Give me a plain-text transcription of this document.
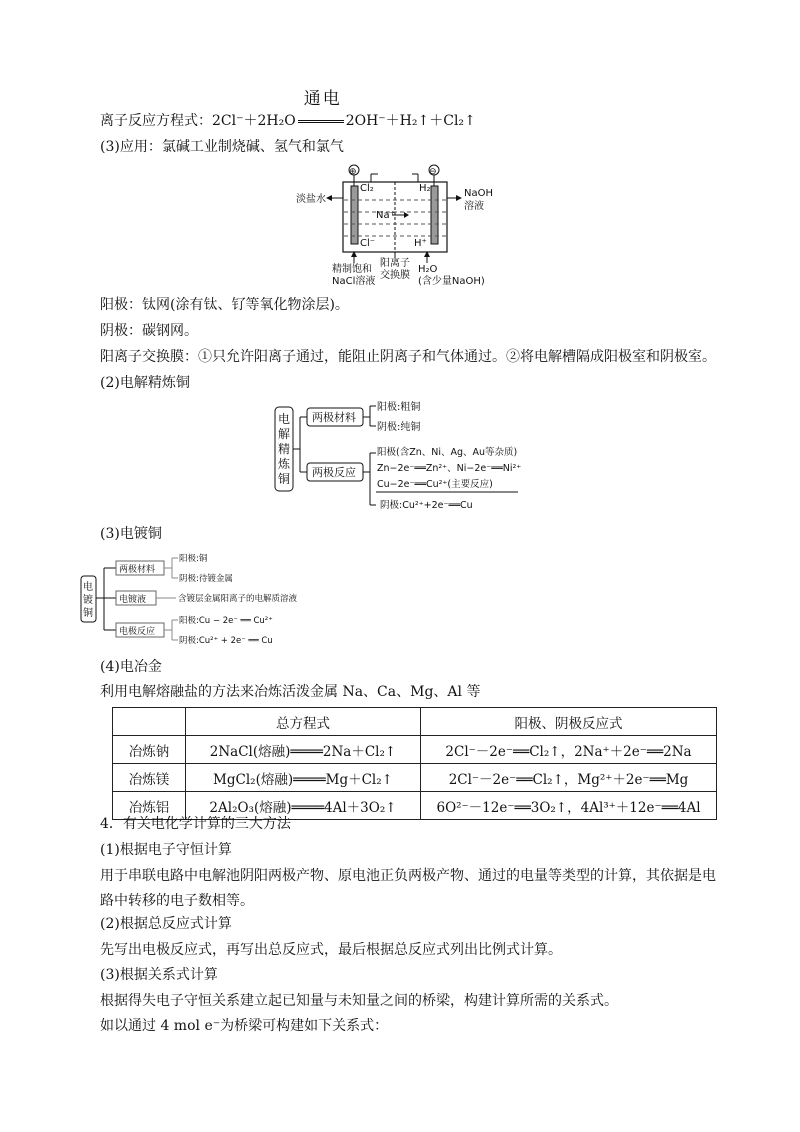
离子反应方程式：2Cl⁻＋2H₂O
通电
2OH⁻＋H₂↑＋Cl₂↑
(3)应用：氯碱工业制烧碱、氢气和氯气
⊕	⊖
Cl₂	H₂
淡盐水
NaOH
溶液
Na⁺
Cl⁻	H⁺
精制饱和
NaCl溶液
阳离子
交换膜
H₂O
(含少量NaOH)
阳极：钛网(涂有钛、钌等氧化物涂层)。
阴极：碳钢网。
阳离子交换膜：①只允许阳离子通过，能阻止阴离子和气体通过。②将电解槽隔成阳极室和阴极室。
(2)电解精炼铜
电
解
精
炼
铜
两极材料
两极反应
阳极:粗铜
阴极:纯铜
阳极(含Zn、Ni、Ag、Au等杂质)
Zn−2e⁻══Zn²⁺、Ni−2e⁻══Ni²⁺
Cu−2e⁻══Cu²⁺(主要反应)
阴极:Cu²⁺+2e⁻══Cu
(3)电镀铜
电
镀
铜
两极材料
电镀液
电极反应
阳极:铜
阴极:待镀金属
含镀层金属阳离子的电解质溶液
阳极:Cu − 2e⁻ ══ Cu²⁺
阴极:Cu²⁺ + 2e⁻ ══ Cu
(4)电冶金
利用电解熔融盐的方法来冶炼活泼金属 Na、Ca、Mg、Al 等
	总方程式	阳极、阴极反应式
冶炼钠	2NaCl(熔融)════2Na＋Cl₂↑	2Cl⁻－2e⁻══Cl₂↑，2Na⁺＋2e⁻══2Na
冶炼镁	MgCl₂(熔融)════Mg＋Cl₂↑	2Cl⁻－2e⁻══Cl₂↑，Mg²⁺＋2e⁻══Mg
冶炼铝	2Al₂O₃(熔融)════4Al＋3O₂↑	6O²⁻－12e⁻══3O₂↑，4Al³⁺＋12e⁻══4Al
4．有关电化学计算的三大方法
(1)根据电子守恒计算
用于串联电路中电解池阴阳两极产物、原电池正负两极产物、通过的电量等类型的计算，其依据是电路中转移的电子数相等。
(2)根据总反应式计算
先写出电极反应式，再写出总反应式，最后根据总反应式列出比例式计算。
(3)根据关系式计算
根据得失电子守恒关系建立起已知量与未知量之间的桥梁，构建计算所需的关系式。
如以通过 4 mol e⁻为桥梁可构建如下关系式：
